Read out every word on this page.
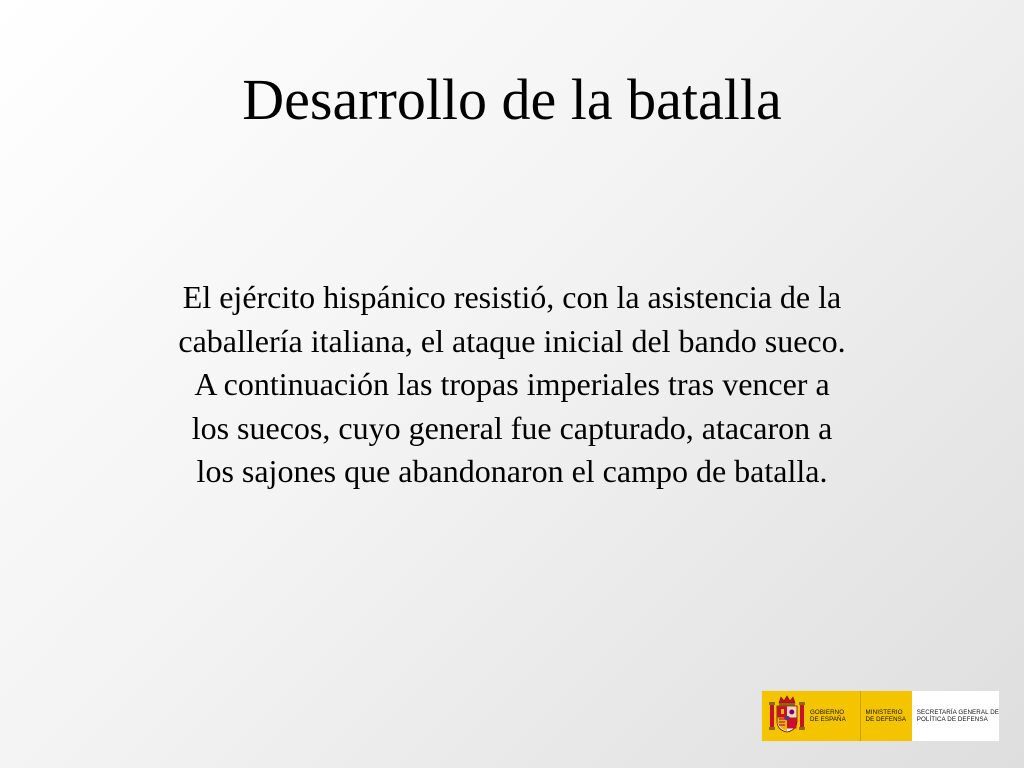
Desarrollo de la batalla
El ejército hispánico resistió, con la asistencia de la
caballería italiana, el ataque inicial del bando sueco.
A continuación las tropas imperiales tras vencer a
los suecos, cuyo general fue capturado, atacaron a
los sajones que abandonaron el campo de batalla.
GOBIERNO
DE ESPAÑA
MINISTERIO
DE DEFENSA
SECRETARÍA GENERAL DE
POLÍTICA DE DEFENSA
